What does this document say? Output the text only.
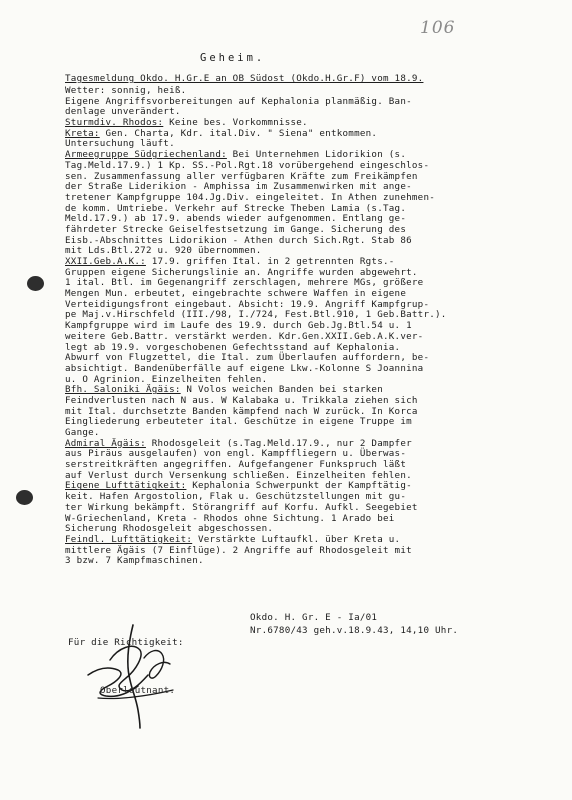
106
Geheim.
Tagesmeldung Okdo. H.Gr.E an OB Südost (Okdo.H.Gr.F) vom 18.9.
Wetter: sonnig, heiß.
Eigene Angriffsvorbereitungen auf Kephalonia planmäßig. Ban-
denlage unverändert.
Sturmdiv. Rhodos: Keine bes. Vorkommnisse.
Kreta: Gen. Charta, Kdr. ital.Div. " Siena" entkommen.
Untersuchung läuft.
Armeegruppe Südgriechenland: Bei Unternehmen Lidorikion (s.
Tag.Meld.17.9.) 1 Kp. SS.-Pol.Rgt.18 vorübergehend eingeschlos-
sen. Zusammenfassung aller verfügbaren Kräfte zum Freikämpfen
der Straße Liderikion - Amphissa im Zusammenwirken mit ange-
tretener Kampfgruppe 104.Jg.Div. eingeleitet. In Athen zunehmen-
de komm. Umtriebe. Verkehr auf Strecke Theben Lamia (s.Tag.
Meld.17.9.) ab 17.9. abends wieder aufgenommen. Entlang ge-
fährdeter Strecke Geiselfestsetzung im Gange. Sicherung des
Eisb.-Abschnittes Lidorikion - Athen durch Sich.Rgt. Stab 86
mit Lds.Btl.272 u. 920 übernommen.
XXII.Geb.A.K.: 17.9. griffen Ital. in 2 getrennten Rgts.-
Gruppen eigene Sicherungslinie an. Angriffe wurden abgewehrt.
1 ital. Btl. im Gegenangriff zerschlagen, mehrere MGs, größere
Mengen Mun. erbeutet, eingebrachte schwere Waffen in eigene
Verteidigungsfront eingebaut. Absicht: 19.9. Angriff Kampfgrup-
pe Maj.v.Hirschfeld (III./98, I./724, Fest.Btl.910, 1 Geb.Battr.).
Kampfgruppe wird im Laufe des 19.9. durch Geb.Jg.Btl.54 u. 1
weitere Geb.Battr. verstärkt werden. Kdr.Gen.XXII.Geb.A.K.ver-
legt ab 19.9. vorgeschobenen Gefechtsstand auf Kephalonia.
Abwurf von Flugzettel, die Ital. zum Überlaufen auffordern, be-
absichtigt. Bandenüberfälle auf eigene Lkw.-Kolonne S Joannina
u. O Agrinion. Einzelheiten fehlen.
Bfh. Saloniki Ägäis: N Volos weichen Banden bei starken
Feindverlusten nach N aus. W Kalabaka u. Trikkala ziehen sich
mit Ital. durchsetzte Banden kämpfend nach W zurück. In Korca
Eingliederung erbeuteter ital. Geschütze in eigene Truppe im
Gange.
Admiral Ägäis: Rhodosgeleit (s.Tag.Meld.17.9., nur 2 Dampfer
aus Piräus ausgelaufen) von engl. Kampffliegern u. Überwas-
serstreitkräften angegriffen. Aufgefangener Funkspruch läßt
auf Verlust durch Versenkung schließen. Einzelheiten fehlen.
Eigene Lufttätigkeit: Kephalonia Schwerpunkt der Kampftätig-
keit. Hafen Argostolion, Flak u. Geschützstellungen mit gu-
ter Wirkung bekämpft. Störangriff auf Korfu. Aufkl. Seegebiet
W-Griechenland, Kreta - Rhodos ohne Sichtung. 1 Arado bei
Sicherung Rhodosgeleit abgeschossen.
Feindl. Lufttätigkeit: Verstärkte Luftaufkl. über Kreta u.
mittlere Ägäis (7 Einflüge). 2 Angriffe auf Rhodosgeleit mit
3 bzw. 7 Kampfmaschinen.
Okdo. H. Gr. E - Ia/01
Nr.6780/43 geh.v.18.9.43, 14,10 Uhr.
Für die Richtigkeit:
Oberleutnant.
